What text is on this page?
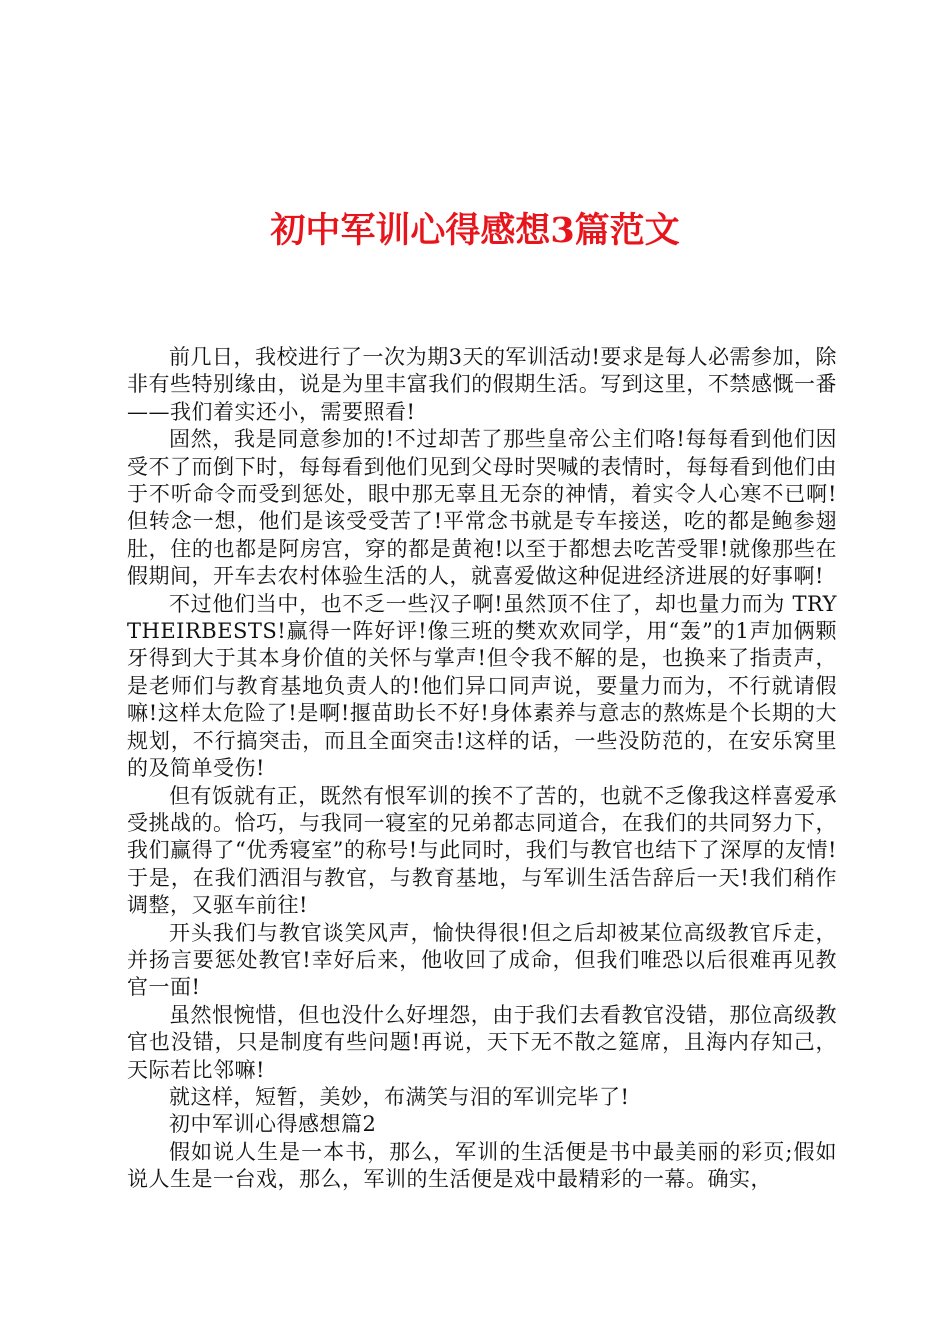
初中军训心得感想3篇范文

前几日，我校进行了一次为期3天的军训活动!要求是每人必需参加，除非有些特别缘由，说是为里丰富我们的假期生活。写到这里，不禁感慨一番——我们着实还小，需要照看!

固然，我是同意参加的!不过却苦了那些皇帝公主们咯!每每看到他们因受不了而倒下时，每每看到他们见到父母时哭喊的表情时，每每看到他们由于不听命令而受到惩处，眼中那无辜且无奈的神情，着实令人心寒不已啊!但转念一想，他们是该受受苦了!平常念书就是专车接送，吃的都是鲍参翅肚，住的也都是阿房宫，穿的都是黄袍!以至于都想去吃苦受罪!就像那些在假期间，开车去农村体验生活的人，就喜爱做这种促进经济进展的好事啊!

不过他们当中，也不乏一些汉子啊!虽然顶不住了，却也量力而为 TRY THEIRBESTS!赢得一阵好评!像三班的樊欢欢同学，用“轰”的1声加俩颗牙得到大于其本身价值的关怀与掌声!但令我不解的是，也换来了指责声，是老师们与教育基地负责人的!他们异口同声说，要量力而为，不行就请假嘛!这样太危险了!是啊!揠苗助长不好!身体素养与意志的熬炼是个长期的大规划，不行搞突击，而且全面突击!这样的话，一些没防范的，在安乐窝里的及简单受伤!

但有饭就有正，既然有恨军训的挨不了苦的，也就不乏像我这样喜爱承受挑战的。恰巧，与我同一寝室的兄弟都志同道合，在我们的共同努力下，我们赢得了“优秀寝室”的称号!与此同时，我们与教官也结下了深厚的友情!于是，在我们洒泪与教官，与教育基地，与军训生活告辞后一天!我们稍作调整，又驱车前往!

开头我们与教官谈笑风声，愉快得很!但之后却被某位高级教官斥走，并扬言要惩处教官!幸好后来，他收回了成命，但我们唯恐以后很难再见教官一面!

虽然恨惋惜，但也没什么好埋怨，由于我们去看教官没错，那位高级教官也没错，只是制度有些问题!再说，天下无不散之筵席，且海内存知己，天际若比邻嘛!

就这样，短暂，美妙，布满笑与泪的军训完毕了!

初中军训心得感想篇2

假如说人生是一本书，那么，军训的生活便是书中最美丽的彩页;假如说人生是一台戏，那么，军训的生活便是戏中最精彩的一幕。确实，
